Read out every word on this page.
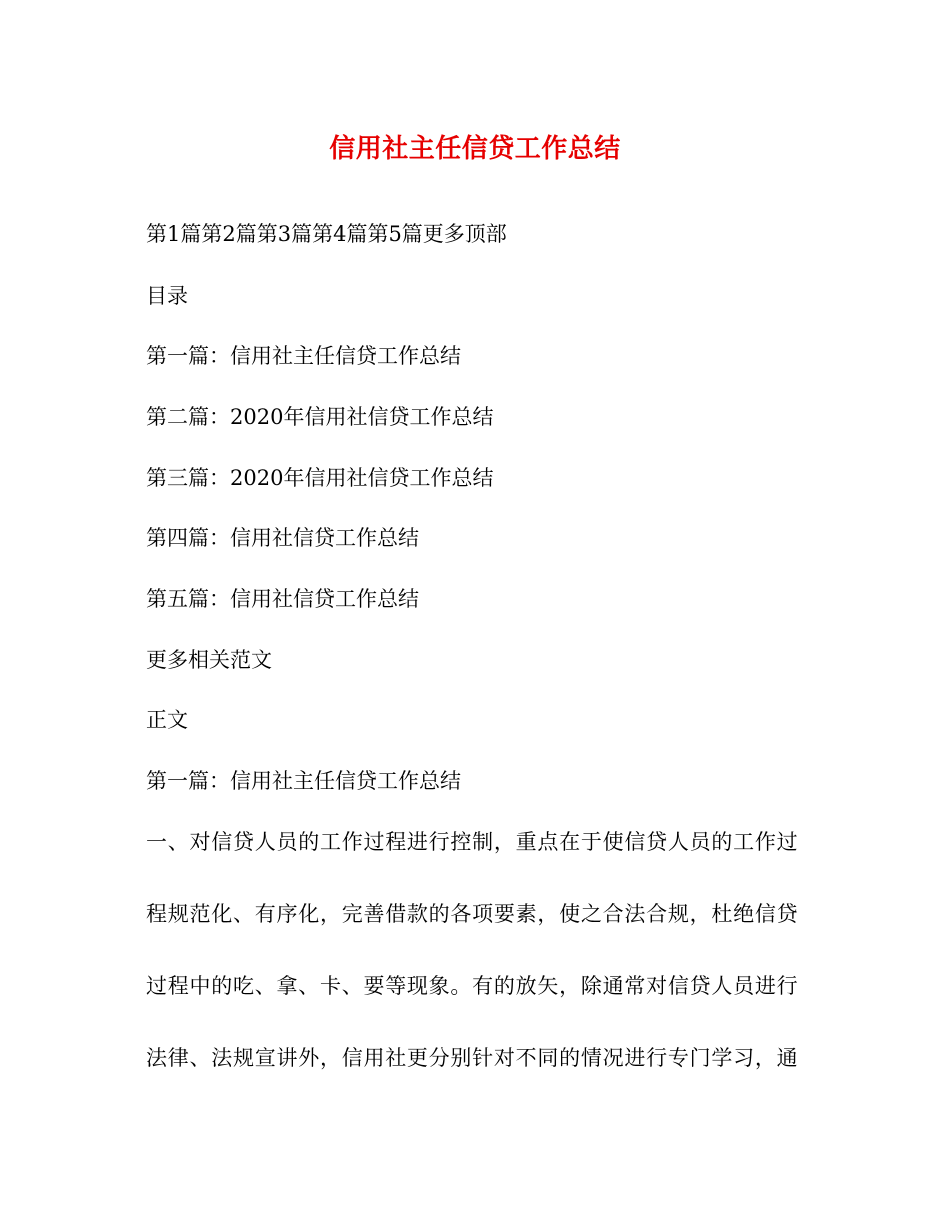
信用社主任信贷工作总结
第1篇第2篇第3篇第4篇第5篇更多顶部
目录
第一篇：信用社主任信贷工作总结
第二篇：2020年信用社信贷工作总结
第三篇：2020年信用社信贷工作总结
第四篇：信用社信贷工作总结
第五篇：信用社信贷工作总结
更多相关范文
正文
第一篇：信用社主任信贷工作总结
一、对信贷人员的工作过程进行控制，重点在于使信贷人员的工作过
程规范化、有序化，完善借款的各项要素，使之合法合规，杜绝信贷
过程中的吃、拿、卡、要等现象。有的放矢，除通常对信贷人员进行
法律、法规宣讲外，信用社更分别针对不同的情况进行专门学习，通
